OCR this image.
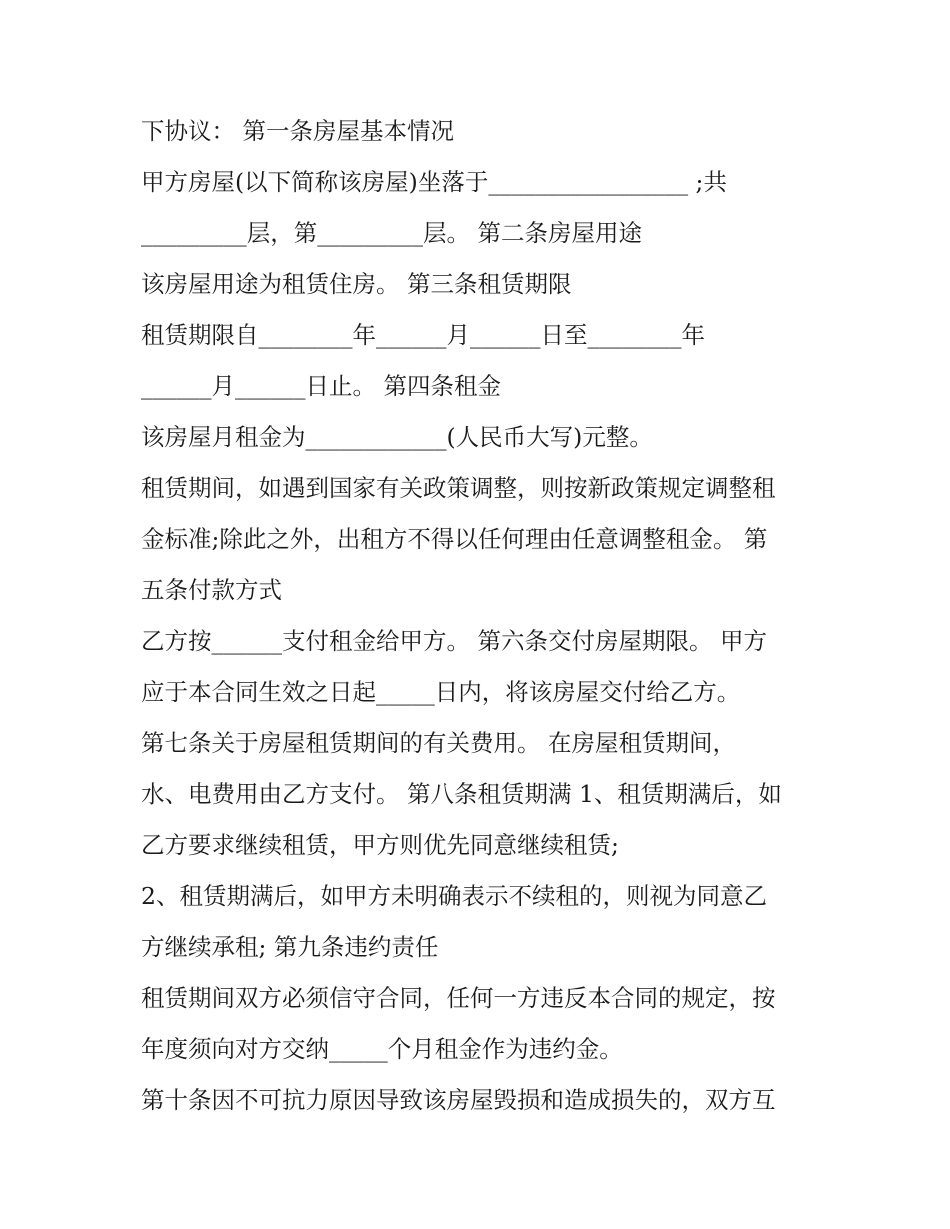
下协议： 第一条房屋基本情况
甲方房屋(以下简称该房屋)坐落于_________________ ;共
_________层，第_________层。 第二条房屋用途
该房屋用途为租赁住房。 第三条租赁期限
租赁期限自________年______月______日至________年
______月______日止。 第四条租金
该房屋月租金为____________(人民币大写)元整。
租赁期间，如遇到国家有关政策调整，则按新政策规定调整租
金标准;除此之外，出租方不得以任何理由任意调整租金。 第
五条付款方式
乙方按______支付租金给甲方。 第六条交付房屋期限。 甲方
应于本合同生效之日起_____日内，将该房屋交付给乙方。
第七条关于房屋租赁期间的有关费用。 在房屋租赁期间，
水、电费用由乙方支付。 第八条租赁期满 1、租赁期满后，如
乙方要求继续租赁，甲方则优先同意继续租赁;
2、租赁期满后，如甲方未明确表示不续租的，则视为同意乙
方继续承租; 第九条违约责任
租赁期间双方必须信守合同，任何一方违反本合同的规定，按
年度须向对方交纳_____个月租金作为违约金。
第十条因不可抗力原因导致该房屋毁损和造成损失的，双方互
